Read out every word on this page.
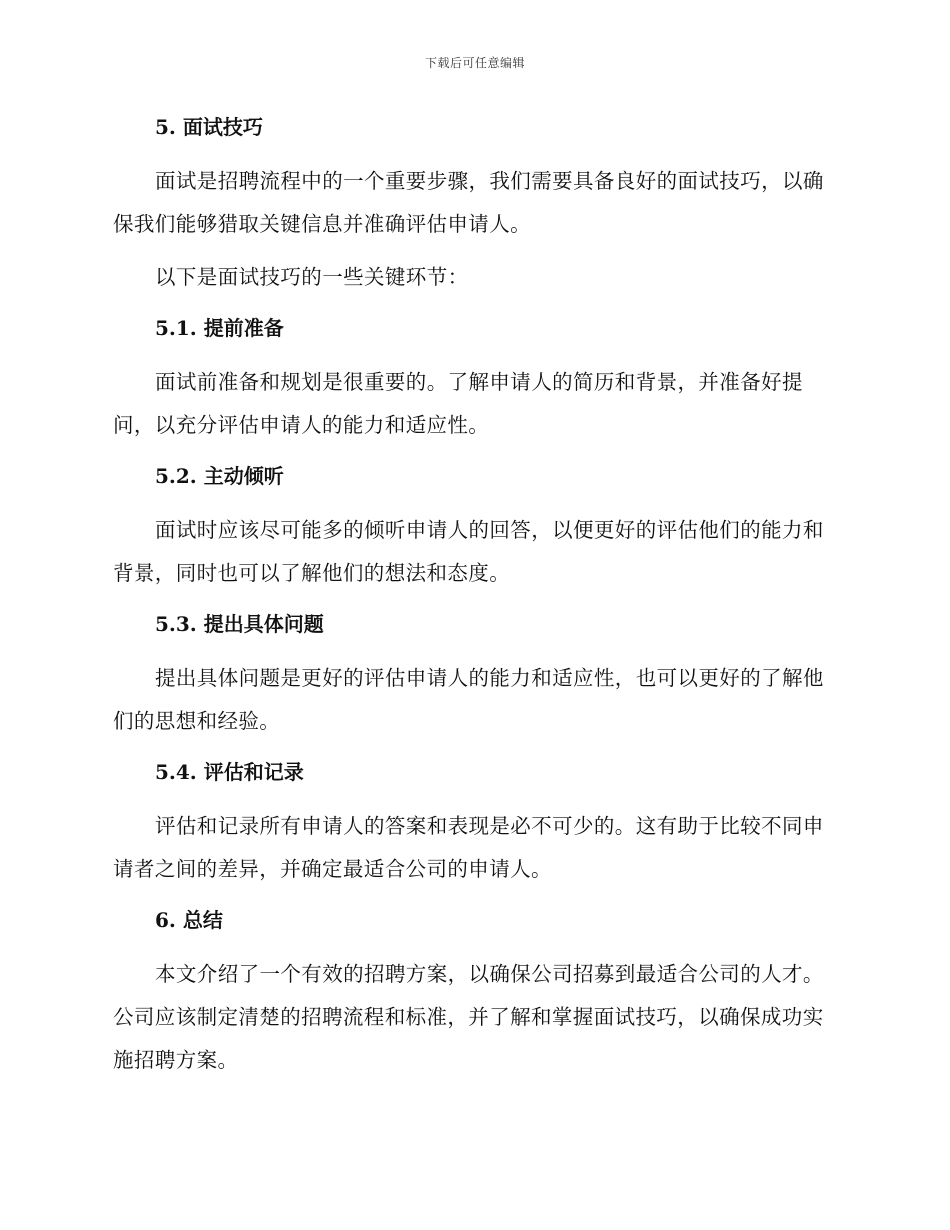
下载后可任意编辑
5. 面试技巧

面试是招聘流程中的一个重要步骤，我们需要具备良好的面试技巧，以确保我们能够猎取关键信息并准确评估申请人。

以下是面试技巧的一些关键环节：

5.1. 提前准备

面试前准备和规划是很重要的。了解申请人的简历和背景，并准备好提问，以充分评估申请人的能力和适应性。

5.2. 主动倾听

面试时应该尽可能多的倾听申请人的回答，以便更好的评估他们的能力和背景，同时也可以了解他们的想法和态度。

5.3. 提出具体问题

提出具体问题是更好的评估申请人的能力和适应性，也可以更好的了解他们的思想和经验。

5.4. 评估和记录

评估和记录所有申请人的答案和表现是必不可少的。这有助于比较不同申请者之间的差异，并确定最适合公司的申请人。

6. 总结

本文介绍了一个有效的招聘方案，以确保公司招募到最适合公司的人才。公司应该制定清楚的招聘流程和标准，并了解和掌握面试技巧，以确保成功实施招聘方案。
